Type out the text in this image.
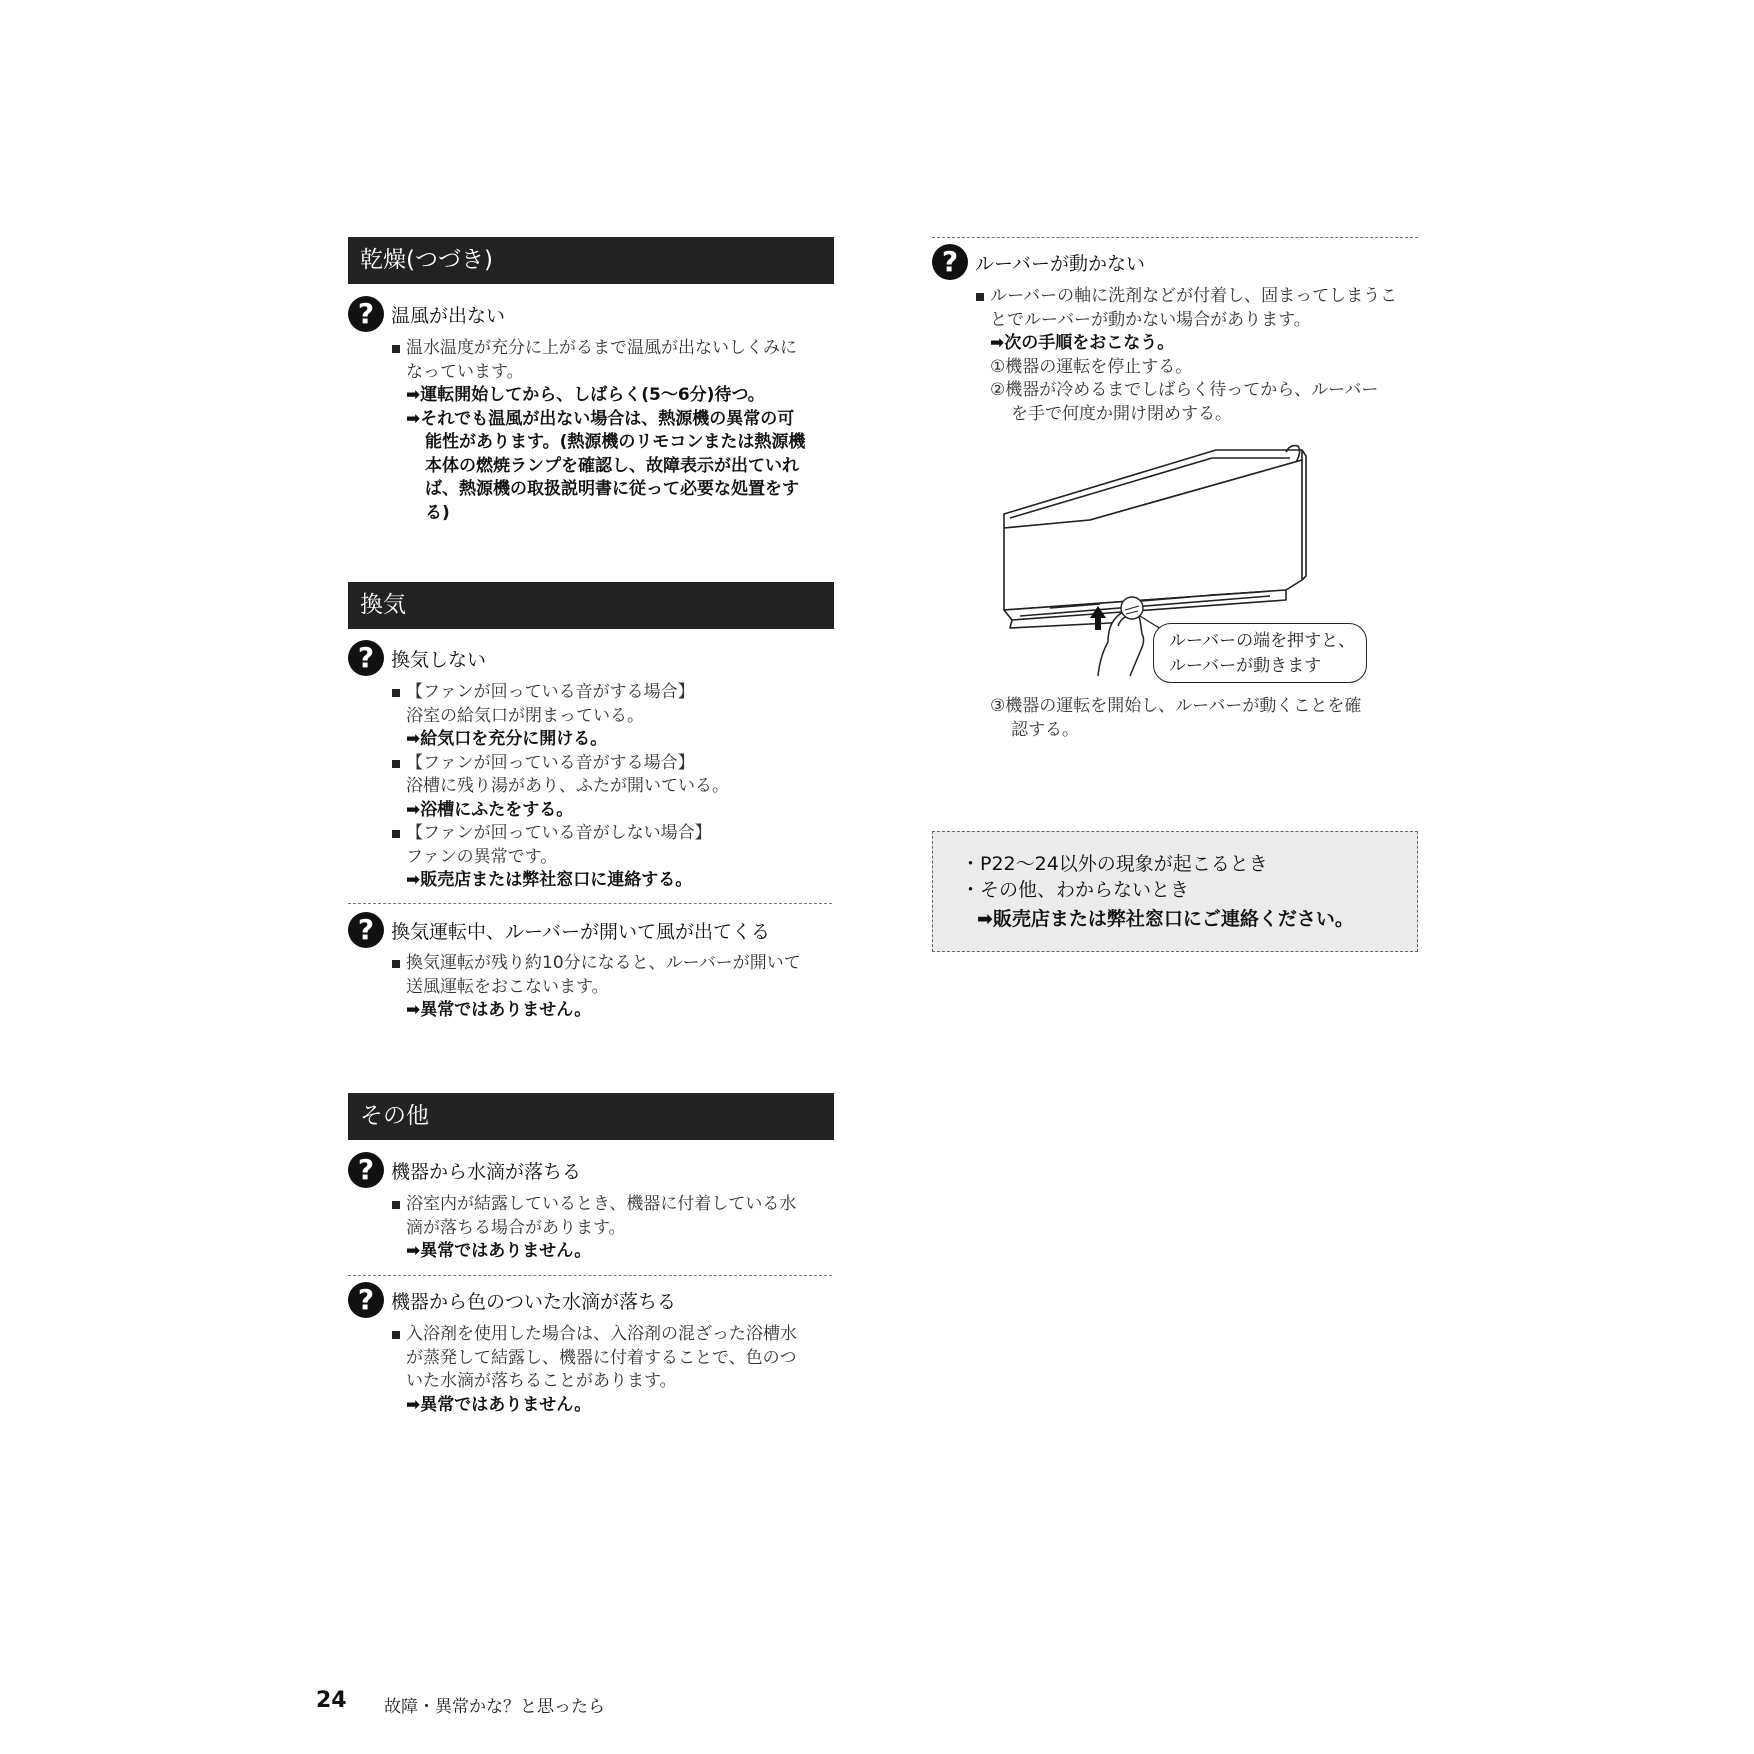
乾燥(つづき)
? 温風が出ない
温水温度が充分に上がるまで温風が出ないしくみに
なっています。
➡運転開始してから、しばらく(5〜6分)待つ。
➡それでも温風が出ない場合は、熱源機の異常の可
能性があります。(熱源機のリモコンまたは熱源機
本体の燃焼ランプを確認し、故障表示が出ていれ
ば、熱源機の取扱説明書に従って必要な処置をす
る)
換気
? 換気しない
【ファンが回っている音がする場合】
浴室の給気口が閉まっている。
➡給気口を充分に開ける。
【ファンが回っている音がする場合】
浴槽に残り湯があり、ふたが開いている。
➡浴槽にふたをする。
【ファンが回っている音がしない場合】
ファンの異常です。
➡販売店または弊社窓口に連絡する。
? 換気運転中、ルーバーが開いて風が出てくる
換気運転が残り約10分になると、ルーバーが開いて
送風運転をおこないます。
➡異常ではありません。
その他
? 機器から水滴が落ちる
浴室内が結露しているとき、機器に付着している水
滴が落ちる場合があります。
➡異常ではありません。
? 機器から色のついた水滴が落ちる
入浴剤を使用した場合は、入浴剤の混ざった浴槽水
が蒸発して結露し、機器に付着することで、色のつ
いた水滴が落ちることがあります。
➡異常ではありません。
? ルーバーが動かない
ルーバーの軸に洗剤などが付着し、固まってしまうこ
とでルーバーが動かない場合があります。
➡次の手順をおこなう。
①機器の運転を停止する。
②機器が冷めるまでしばらく待ってから、ルーバー
を手で何度か開け閉めする。
ルーバーの端を押すと、
ルーバーが動きます
③機器の運転を開始し、ルーバーが動くことを確
認する。
・P22〜24以外の現象が起こるとき
・その他、わからないとき
➡販売店または弊社窓口にご連絡ください。
24 故障・異常かな？と思ったら
